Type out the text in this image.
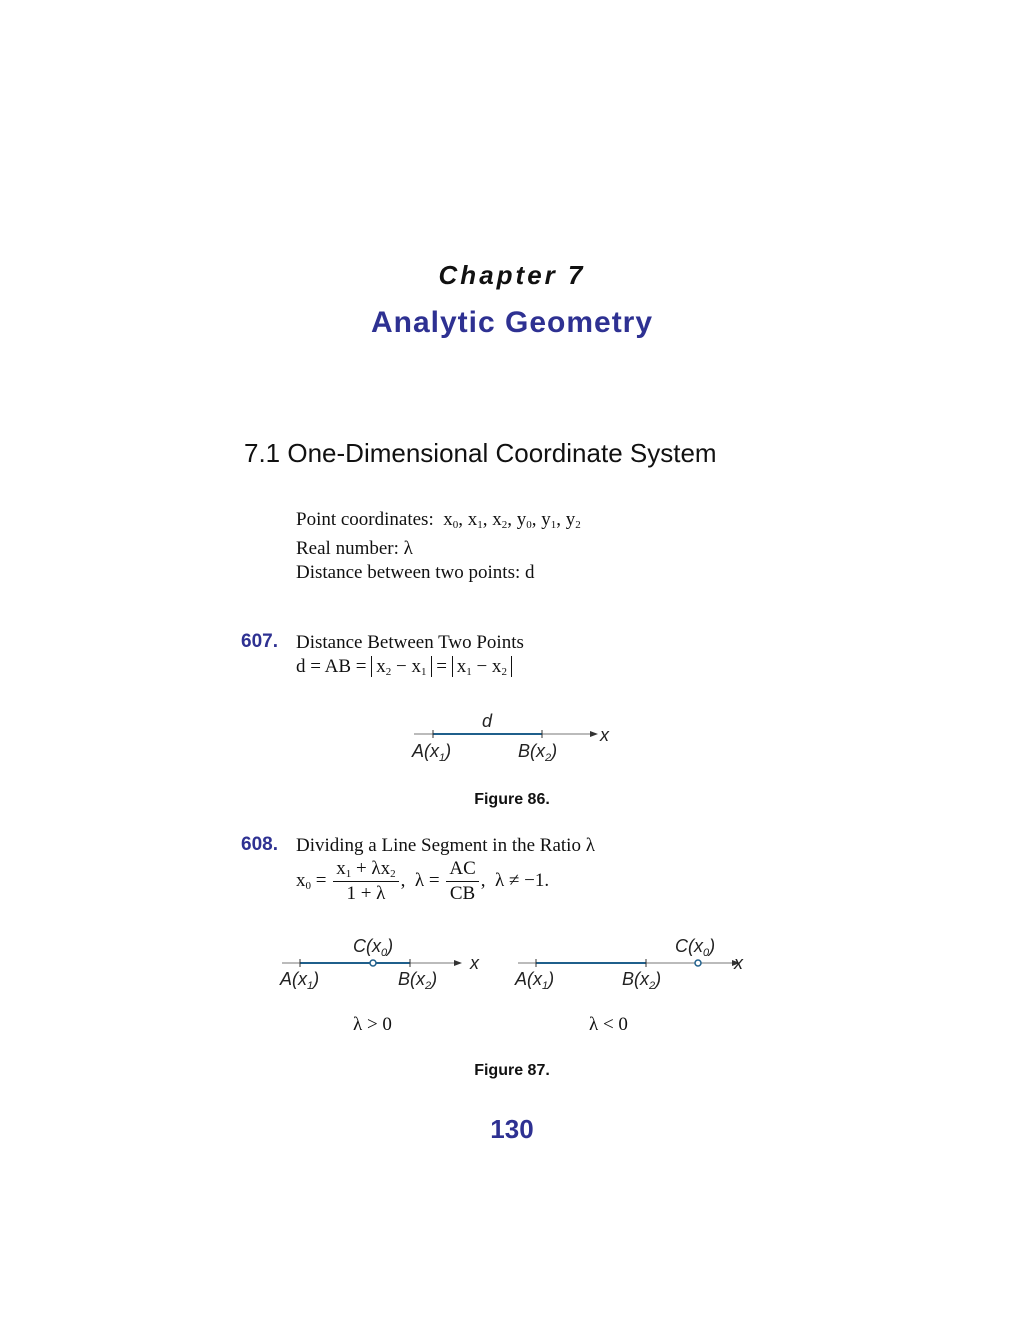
Chapter 7
Analytic Geometry
7.1 One-Dimensional Coordinate System
Point coordinates:  $x_0$, $x_1$, $x_2$, $y_0$, $y_1$, $y_2$
Real number: λ
Distance between two points: d
607. Distance Between Two Points
d = AB = $x_2 - x_1 = x_1 - x_2$
d
x
$A(x_1)$	$B(x_2)$
Figure 86.
608. Dividing a Line Segment in the Ratio λ
$x_0 = \frac{x_1 + \lambda x_2}{1 + \lambda}$ ,  $\lambda = \frac{AC}{CB}$ ,  λ ≠ −1.
$C(x_0)$
x
$A(x_1)$	$B(x_2)$
λ > 0
$C(x_0)$
x
$A(x_1)$	$B(x_2)$
λ < 0
Figure 87.
130
